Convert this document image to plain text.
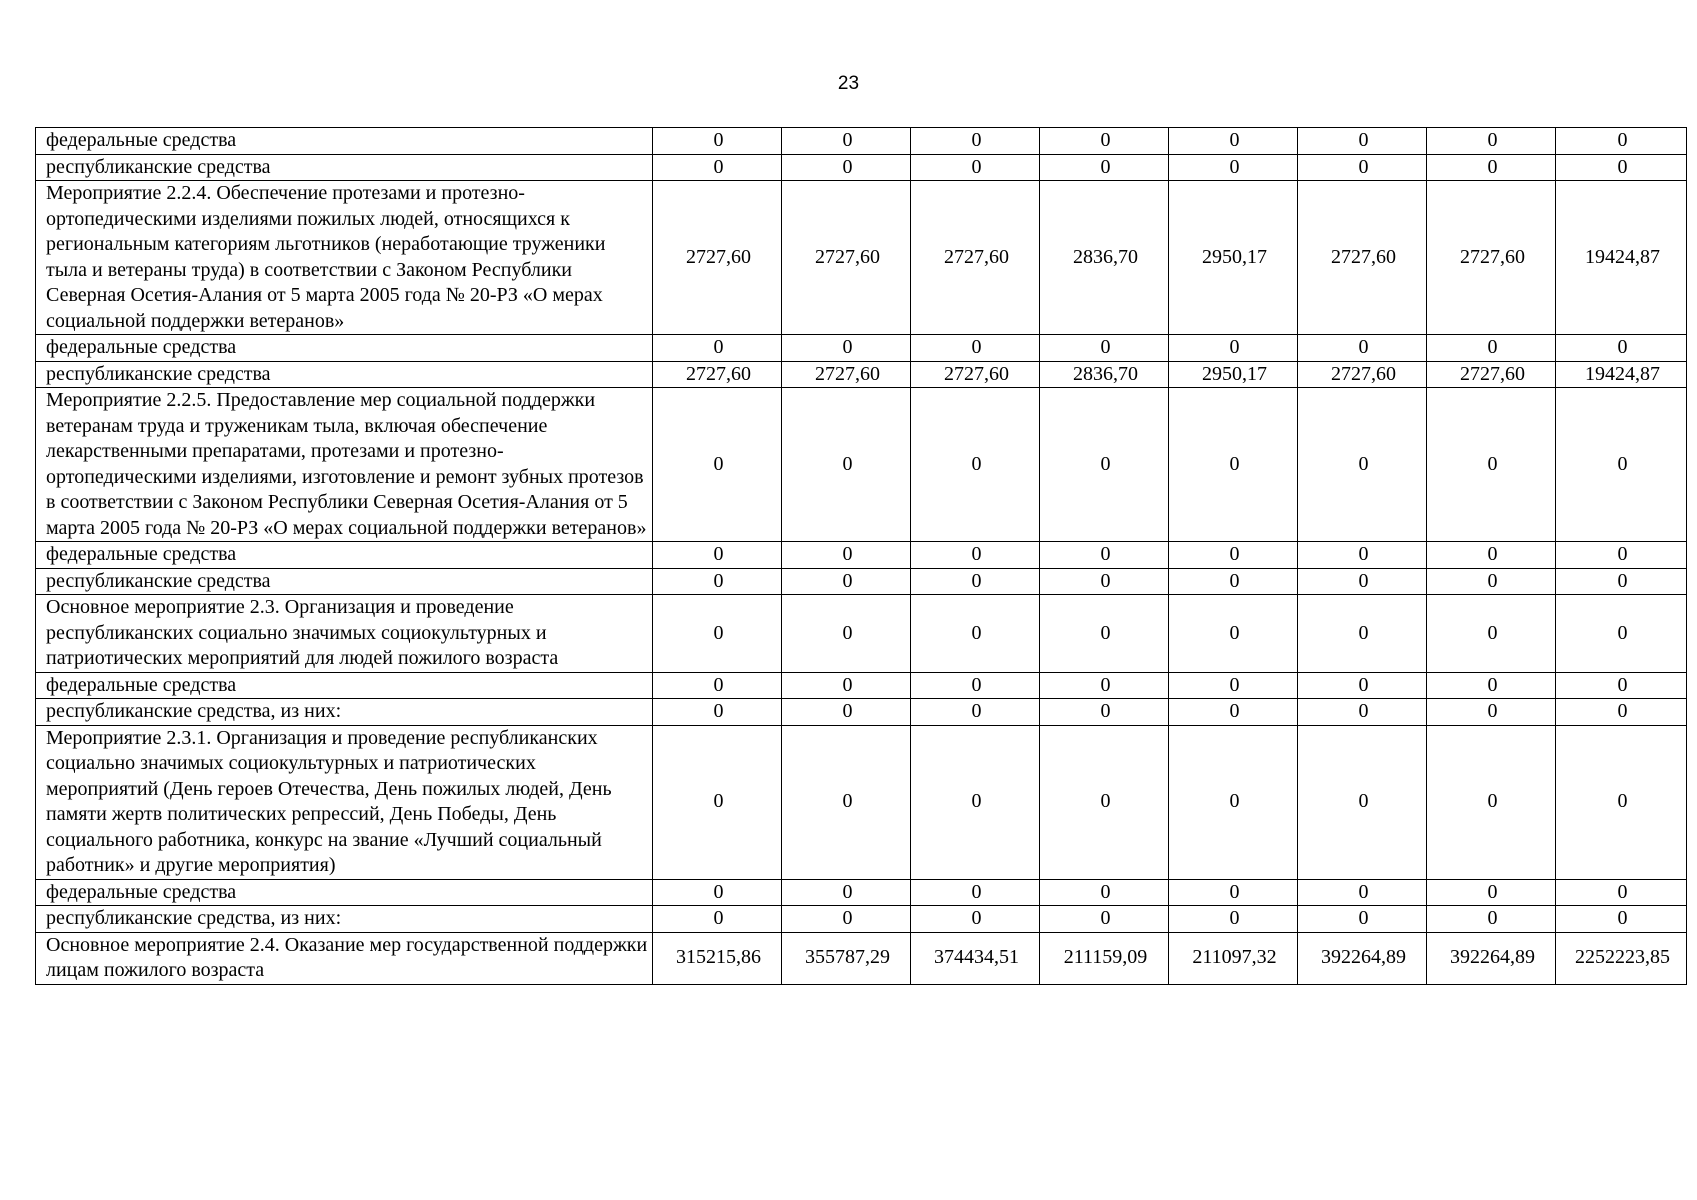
23
федеральные средства	0	0	0	0	0	0	0	0
республиканские средства	0	0	0	0	0	0	0	0
Мероприятие 2.2.4. Обеспечение протезами и протезно-ортопедическими изделиями пожилых людей, относящихся к региональным категориям льготников (неработающие труженики тыла и ветераны труда) в соответствии с Законом Республики Северная Осетия-Алания от 5 марта 2005 года № 20-РЗ «О мерах социальной поддержки ветеранов»	2727,60	2727,60	2727,60	2836,70	2950,17	2727,60	2727,60	19424,87
федеральные средства	0	0	0	0	0	0	0	0
республиканские средства	2727,60	2727,60	2727,60	2836,70	2950,17	2727,60	2727,60	19424,87
Мероприятие 2.2.5. Предоставление мер социальной поддержки ветеранам труда и труженикам тыла, включая обеспечение лекарственными препаратами, протезами и протезно-ортопедическими изделиями, изготовление и ремонт зубных протезов в соответствии с Законом Республики Северная Осетия-Алания от 5 марта 2005 года № 20-РЗ «О мерах социальной поддержки ветеранов»	0	0	0	0	0	0	0	0
федеральные средства	0	0	0	0	0	0	0	0
республиканские средства	0	0	0	0	0	0	0	0
Основное мероприятие 2.3. Организация и проведение республиканских социально значимых социокультурных и патриотических мероприятий для людей пожилого возраста	0	0	0	0	0	0	0	0
федеральные средства	0	0	0	0	0	0	0	0
республиканские средства, из них:	0	0	0	0	0	0	0	0
Мероприятие 2.3.1. Организация и проведение республиканских социально значимых социокультурных и патриотических мероприятий (День героев Отечества, День пожилых людей, День памяти жертв политических репрессий, День Победы, День социального работника, конкурс на звание «Лучший социальный работник» и другие мероприятия)	0	0	0	0	0	0	0	0
федеральные средства	0	0	0	0	0	0	0	0
республиканские средства, из них:	0	0	0	0	0	0	0	0
Основное мероприятие 2.4. Оказание мер государственной поддержки лицам пожилого возраста	315215,86	355787,29	374434,51	211159,09	211097,32	392264,89	392264,89	2252223,85
